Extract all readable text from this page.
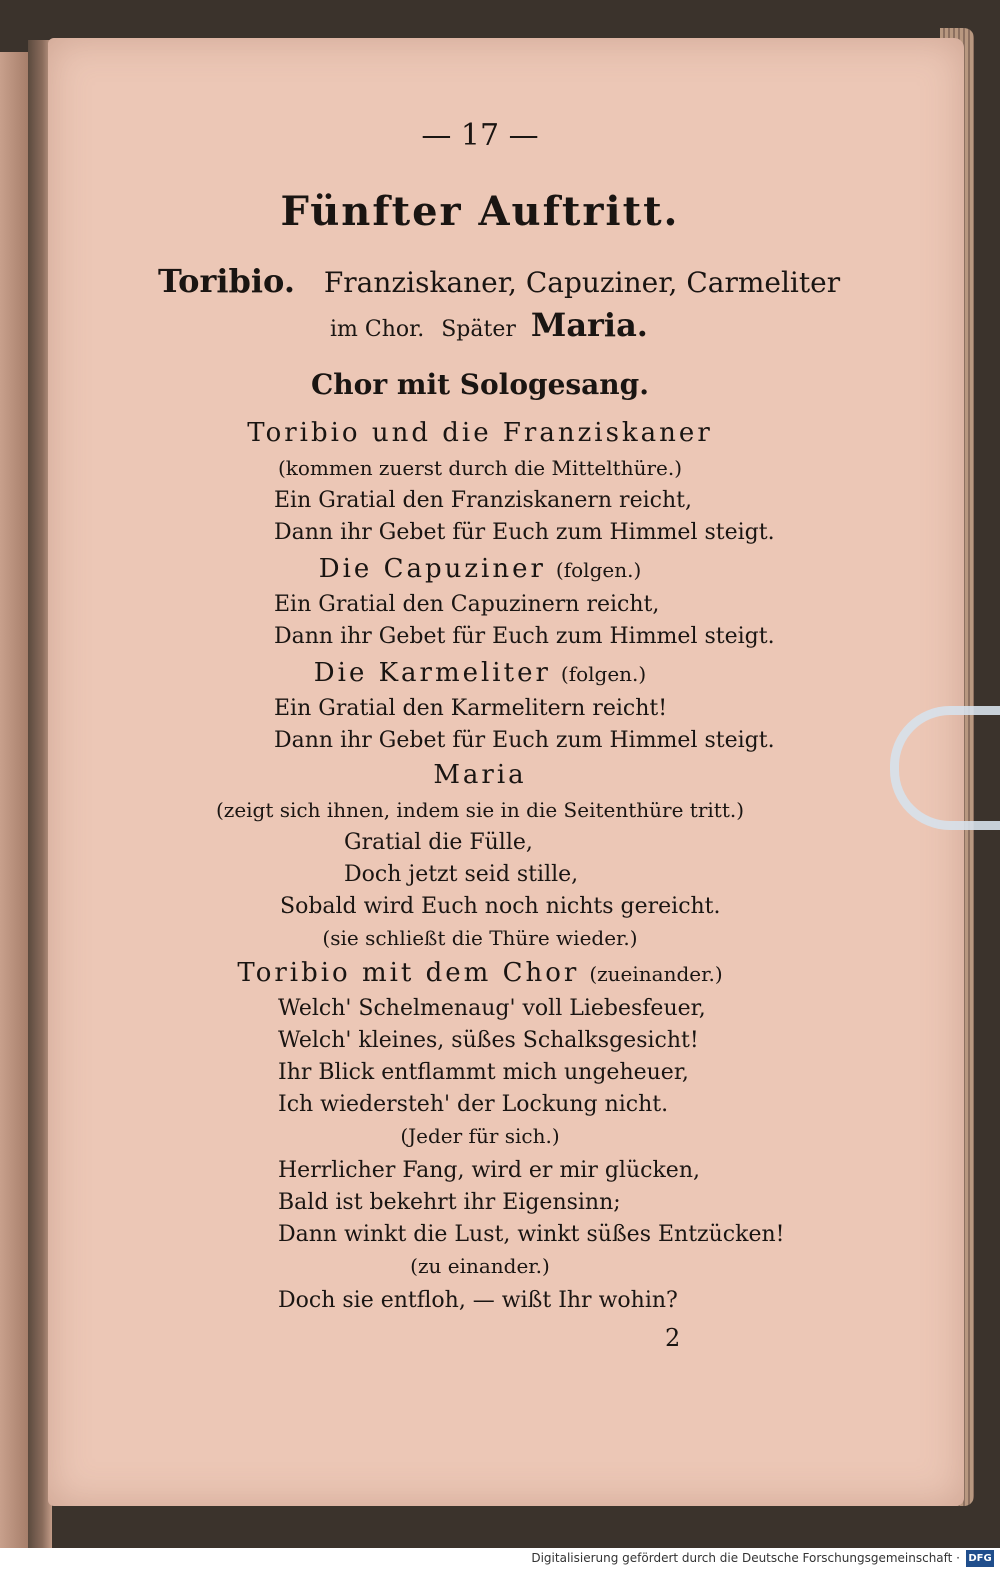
— 17 —

Fünfter Auftritt.

Toribio. Franziskaner, Capuziner, Carmeliter

im Chor. Später Maria.

Chor mit Sologesang.

Toribio und die Franziskaner

(kommen zuerst durch die Mittelthüre.)

Ein Gratial den Franziskanern reicht,

Dann ihr Gebet für Euch zum Himmel steigt.

Die Capuziner (folgen.)

Ein Gratial den Capuzinern reicht,

Dann ihr Gebet für Euch zum Himmel steigt.

Die Karmeliter (folgen.)

Ein Gratial den Karmelitern reicht!

Dann ihr Gebet für Euch zum Himmel steigt.

Maria

(zeigt sich ihnen, indem sie in die Seitenthüre tritt.)

Gratial die Fülle,

Doch jetzt seid stille,

Sobald wird Euch noch nichts gereicht.

(sie schließt die Thüre wieder.)

Toribio mit dem Chor (zueinander.)

Welch' Schelmenaug' voll Liebesfeuer,

Welch' kleines, süßes Schalksgesicht!

Ihr Blick entflammt mich ungeheuer,

Ich wiedersteh' der Lockung nicht.

(Jeder für sich.)

Herrlicher Fang, wird er mir glücken,

Bald ist bekehrt ihr Eigensinn;

Dann winkt die Lust, winkt süßes Entzücken!

(zu einander.)

Doch sie entfloh, — wißt Ihr wohin?

2

Digitalisierung gefördert durch die Deutsche Forschungsgemeinschaft · DFG
